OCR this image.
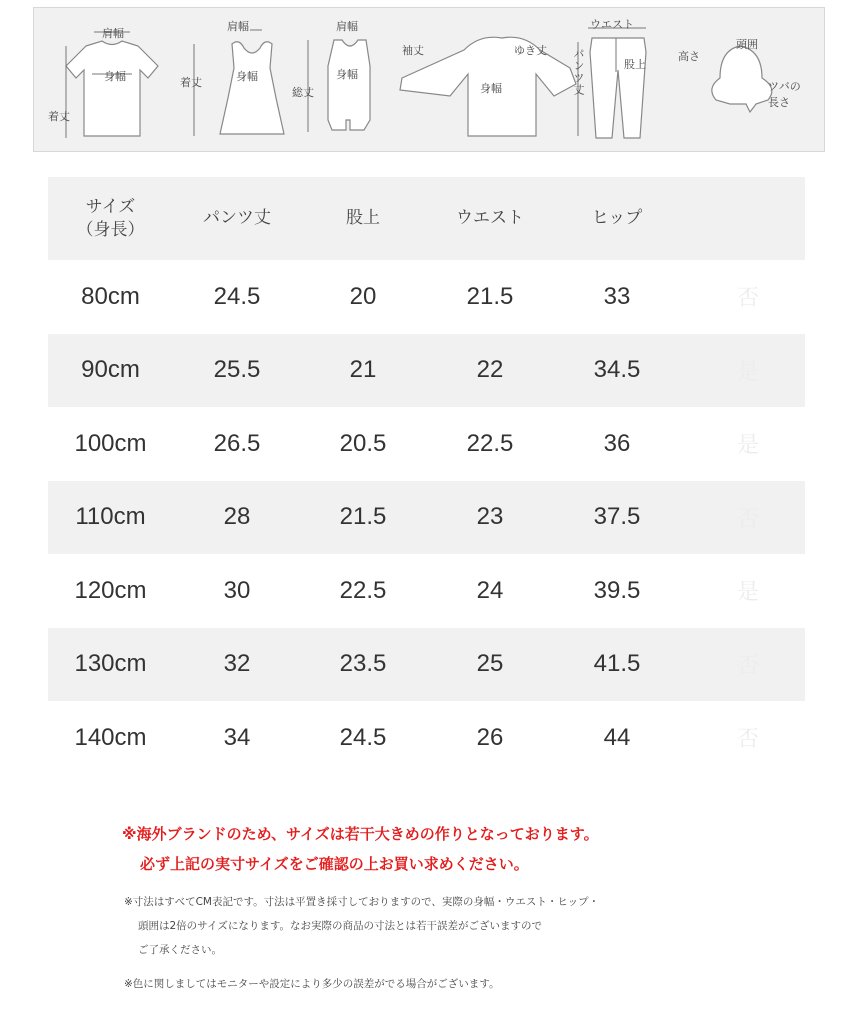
肩幅
身幅
着丈
肩幅
身幅
着丈
肩幅
身幅
総丈
袖丈	ゆき丈
身幅
ウエスト
パンツ丈	股上
高さ
頭囲
ツバの
長さ
サイズ
（身長）
パンツ丈	股上	ウエスト	ヒップ
80cm	24.5	20	21.5	33	否
90cm	25.5	21	22	34.5	是
100cm	26.5	20.5	22.5	36	是
110cm	28	21.5	23	37.5	否
120cm	30	22.5	24	39.5	是
130cm	32	23.5	25	41.5	否
140cm	34	24.5	26	44	否
※海外ブランドのため、サイズは若干大きめの作りとなっております。
必ず上記の実寸サイズをご確認の上お買い求めください。
※寸法はすべてCM表記です。寸法は平置き採寸しておりますので、実際の身幅・ウエスト・ヒップ・
頭囲は2倍のサイズになります。なお実際の商品の寸法とは若干誤差がございますので
ご了承ください。
※色に関しましてはモニターや設定により多少の誤差がでる場合がございます。
